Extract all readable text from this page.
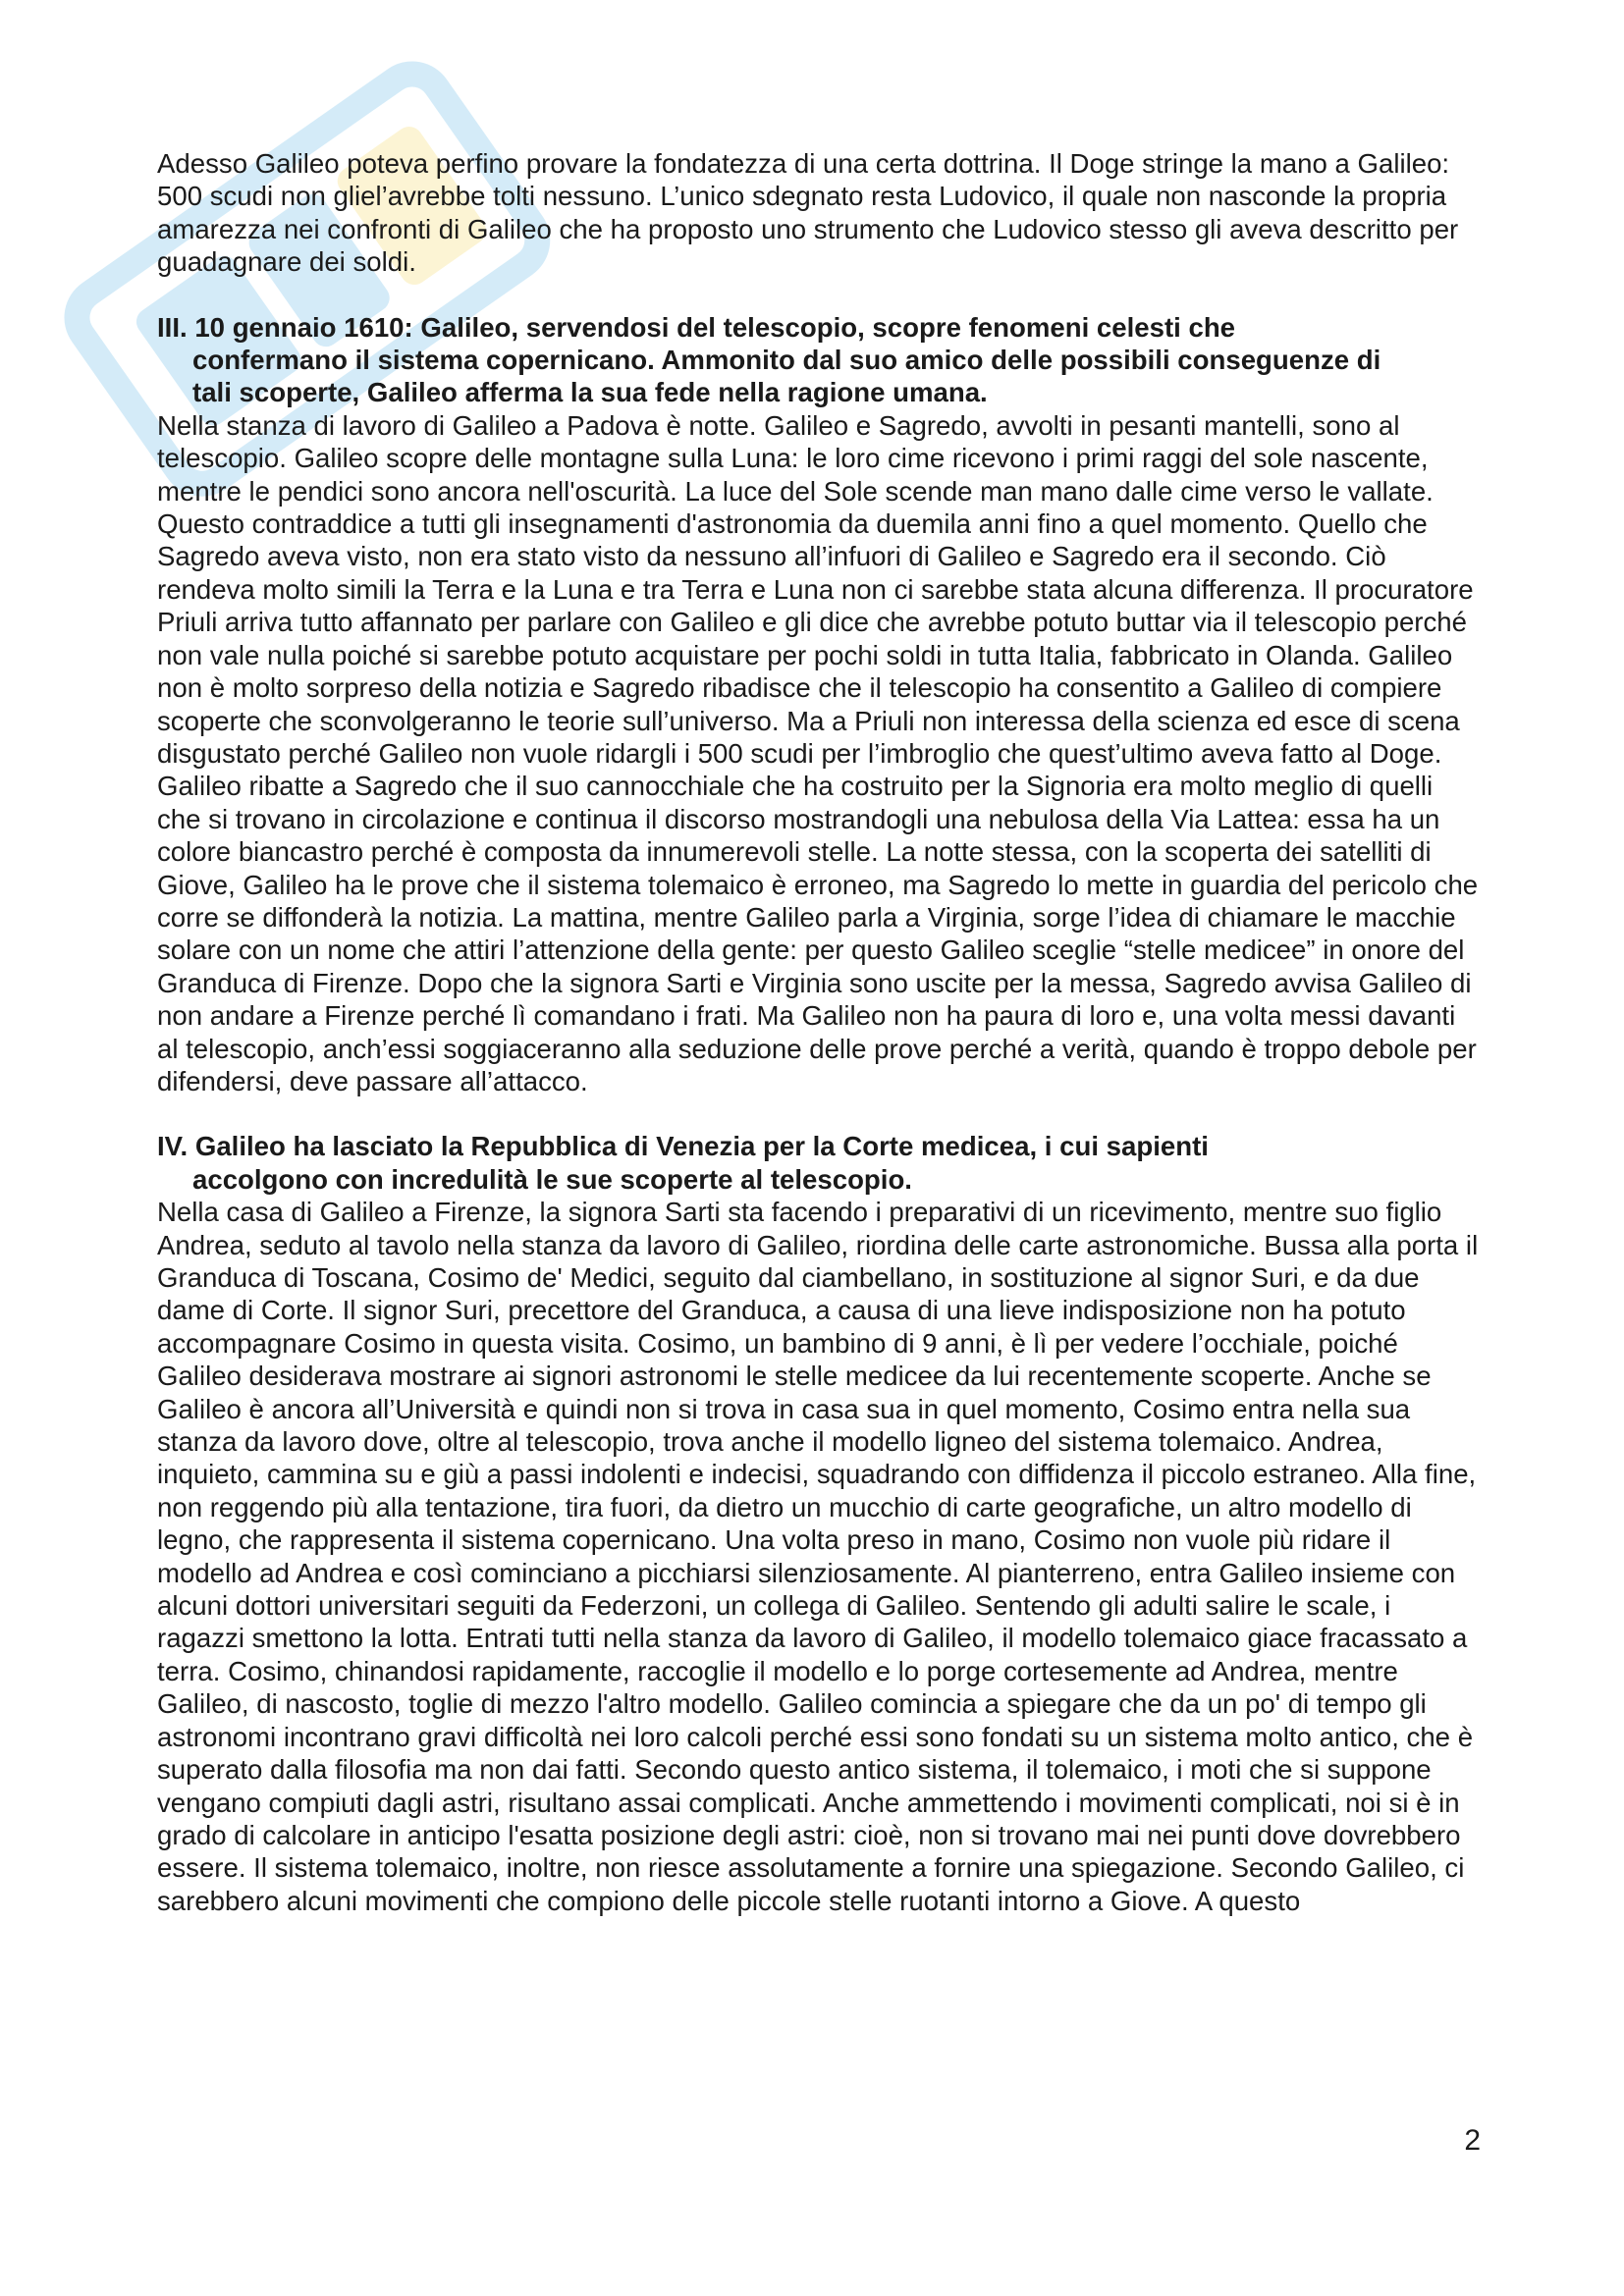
Adesso Galileo poteva perfino provare la fondatezza di una certa dottrina. Il Doge stringe la mano a Galileo: 500 scudi non gliel’avrebbe tolti nessuno. L’unico sdegnato resta Ludovico, il quale non nasconde la propria amarezza nei confronti di Galileo che ha proposto uno strumento che Ludovico stesso gli aveva descritto per guadagnare dei soldi.

III. 10 gennaio 1610: Galileo, servendosi del telescopio, scopre fenomeni celesti che
confermano il sistema copernicano. Ammonito dal suo amico delle possibili conseguenze di
tali scoperte, Galileo afferma la sua fede nella ragione umana.

Nella stanza di lavoro di Galileo a Padova è notte. Galileo e Sagredo, avvolti in pesanti mantelli, sono al telescopio. Galileo scopre delle montagne sulla Luna: le loro cime ricevono i primi raggi del sole nascente, mentre le pendici sono ancora nell'oscurità. La luce del Sole scende man mano dalle cime verso le vallate. Questo contraddice a tutti gli insegnamenti d'astronomia da duemila anni fino a quel momento. Quello che Sagredo aveva visto, non era stato visto da nessuno all’infuori di Galileo e Sagredo era il secondo. Ciò rendeva molto simili la Terra e la Luna e tra Terra e Luna non ci sarebbe stata alcuna differenza. Il procuratore Priuli arriva tutto affannato per parlare con Galileo e gli dice che avrebbe potuto buttar via il telescopio perché non vale nulla poiché si sarebbe potuto acquistare per pochi soldi in tutta Italia, fabbricato in Olanda. Galileo non è molto sorpreso della notizia e Sagredo ribadisce che il telescopio ha consentito a Galileo di compiere scoperte che sconvolgeranno le teorie sull’universo. Ma a Priuli non interessa della scienza ed esce di scena disgustato perché Galileo non vuole ridargli i 500 scudi per l’imbroglio che quest’ultimo aveva fatto al Doge. Galileo ribatte a Sagredo che il suo cannocchiale che ha costruito per la Signoria era molto meglio di quelli che si trovano in circolazione e continua il discorso mostrandogli una nebulosa della Via Lattea: essa ha un colore biancastro perché è composta da innumerevoli stelle. La notte stessa, con la scoperta dei satelliti di Giove, Galileo ha le prove che il sistema tolemaico è erroneo, ma Sagredo lo mette in guardia del pericolo che corre se diffonderà la notizia. La mattina, mentre Galileo parla a Virginia, sorge l’idea di chiamare le macchie solare con un nome che attiri l’attenzione della gente: per questo Galileo sceglie “stelle medicee” in onore del Granduca di Firenze. Dopo che la signora Sarti e Virginia sono uscite per la messa, Sagredo avvisa Galileo di non andare a Firenze perché lì comandano i frati. Ma Galileo non ha paura di loro e, una volta messi davanti al telescopio, anch’essi soggiaceranno alla seduzione delle prove perché a verità, quando è troppo debole per difendersi, deve passare all’attacco.

IV. Galileo ha lasciato la Repubblica di Venezia per la Corte medicea, i cui sapienti
accolgono con incredulità le sue scoperte al telescopio.

Nella casa di Galileo a Firenze, la signora Sarti sta facendo i preparativi di un ricevimento, mentre suo figlio Andrea, seduto al tavolo nella stanza da lavoro di Galileo, riordina delle carte astronomiche. Bussa alla porta il Granduca di Toscana, Cosimo de' Medici, seguito dal ciambellano, in sostituzione al signor Suri, e da due dame di Corte. Il signor Suri, precettore del Granduca, a causa di una lieve indisposizione non ha potuto accompagnare Cosimo in questa visita. Cosimo, un bambino di 9 anni, è lì per vedere l’occhiale, poiché Galileo desiderava mostrare ai signori astronomi le stelle medicee da lui recentemente scoperte. Anche se Galileo è ancora all’Università e quindi non si trova in casa sua in quel momento, Cosimo entra nella sua stanza da lavoro dove, oltre al telescopio, trova anche il modello ligneo del sistema tolemaico. Andrea, inquieto, cammina su e giù a passi indolenti e indecisi, squadrando con diffidenza il piccolo estraneo. Alla fine, non reggendo più alla tentazione, tira fuori, da dietro un mucchio di carte geografiche, un altro modello di legno, che rappresenta il sistema copernicano. Una volta preso in mano, Cosimo non vuole più ridare il modello ad Andrea e così cominciano a picchiarsi silenziosamente. Al pianterreno, entra Galileo insieme con alcuni dottori universitari seguiti da Federzoni, un collega di Galileo. Sentendo gli adulti salire le scale, i ragazzi smettono la lotta. Entrati tutti nella stanza da lavoro di Galileo, il modello tolemaico giace fracassato a terra. Cosimo, chinandosi rapidamente, raccoglie il modello e lo porge cortesemente ad Andrea, mentre Galileo, di nascosto, toglie di mezzo l'altro modello. Galileo comincia a spiegare che da un po' di tempo gli astronomi incontrano gravi difficoltà nei loro calcoli perché essi sono fondati su un sistema molto antico, che è superato dalla filosofia ma non dai fatti. Secondo questo antico sistema, il tolemaico, i moti che si suppone vengano compiuti dagli astri, risultano assai complicati. Anche ammettendo i movimenti complicati, noi si è in grado di calcolare in anticipo l'esatta posizione degli astri: cioè, non si trovano mai nei punti dove dovrebbero essere. Il sistema tolemaico, inoltre, non riesce assolutamente a fornire una spiegazione. Secondo Galileo, ci sarebbero alcuni movimenti che compiono delle piccole stelle ruotanti intorno a Giove. A questo

2
